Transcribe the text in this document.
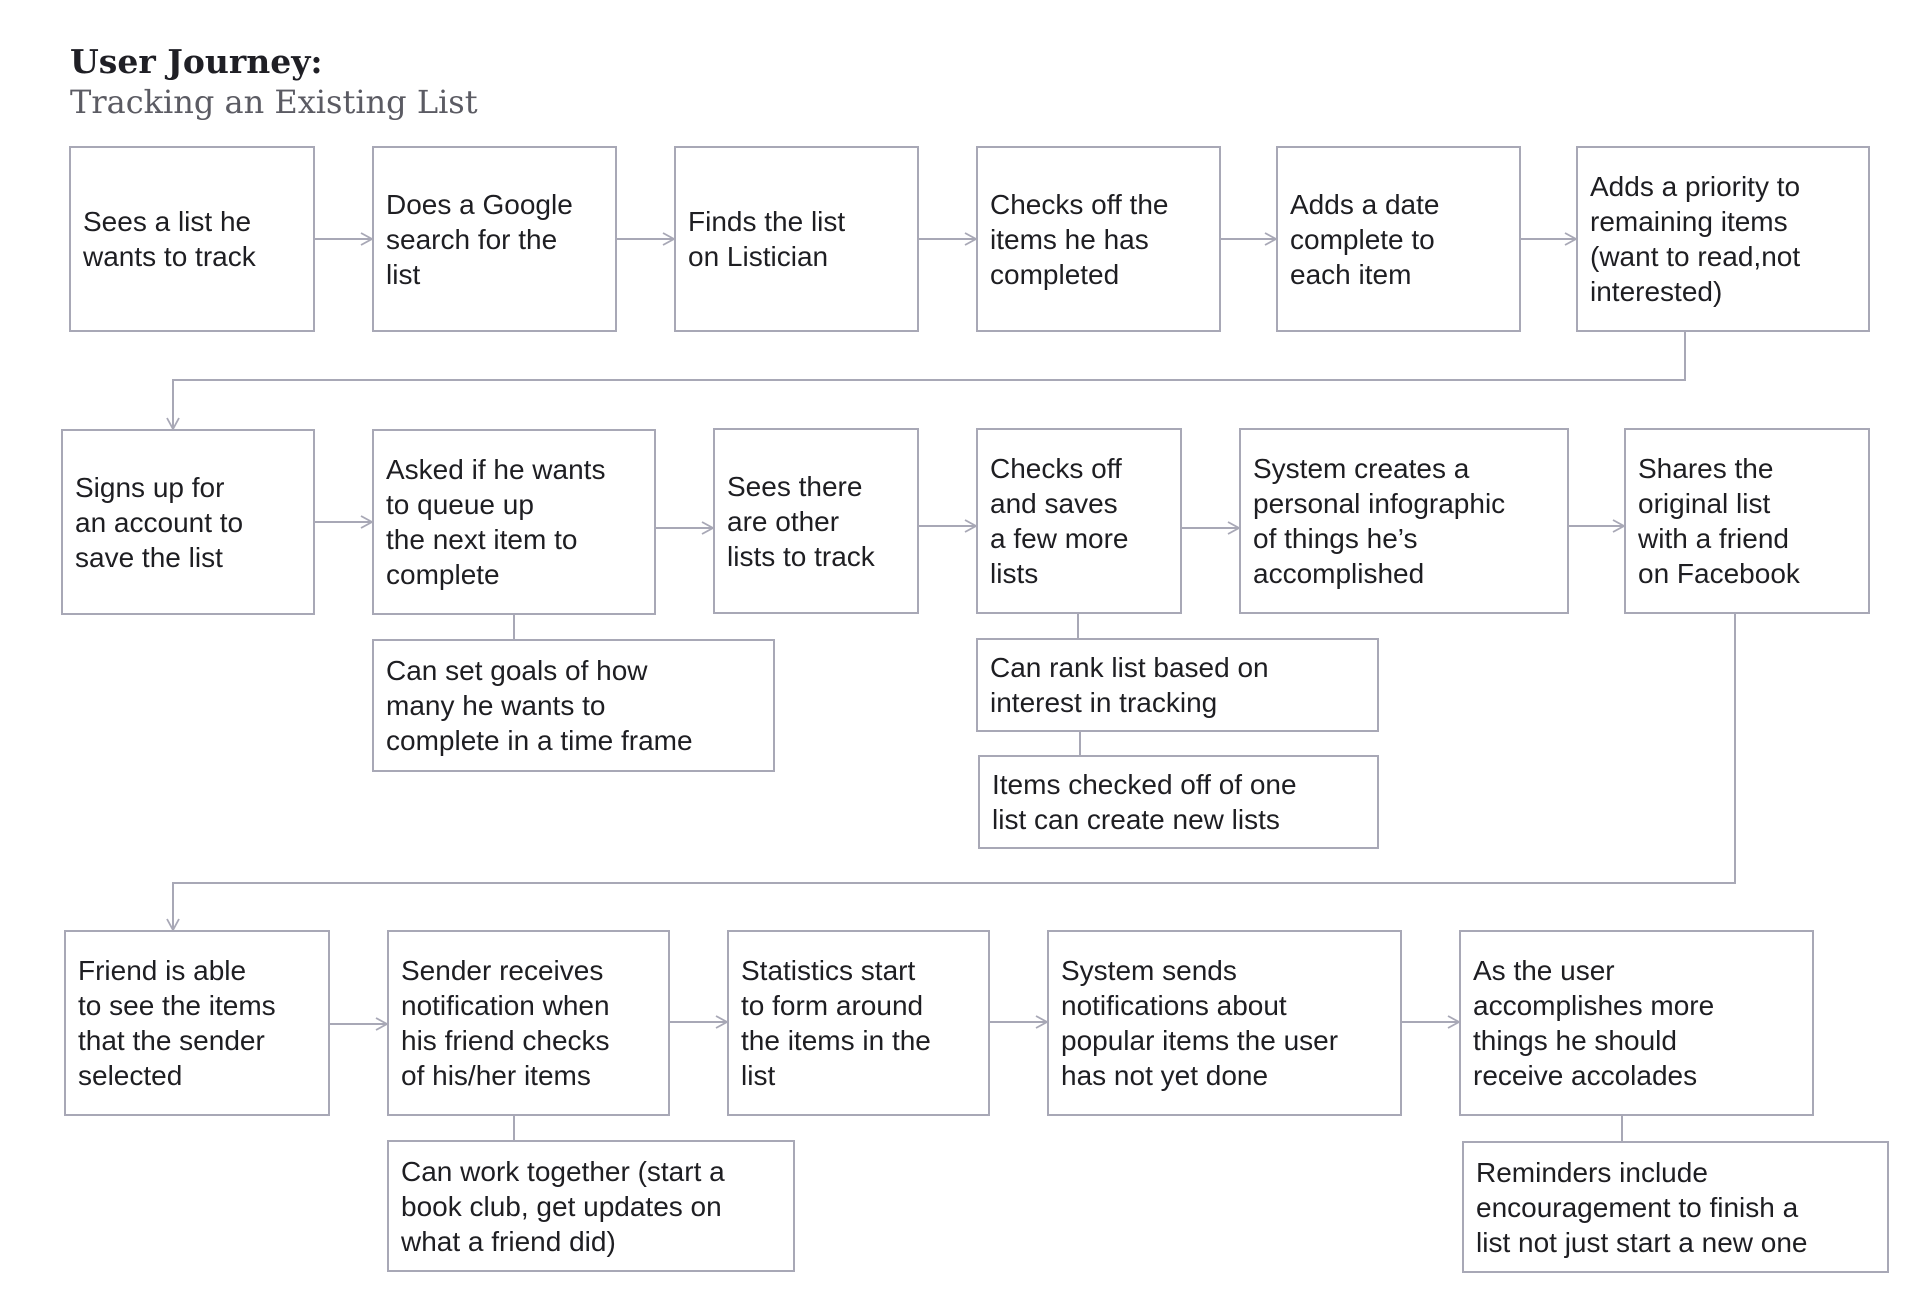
User Journey:
Tracking an Existing List
Sees a list he
wants to track
Does a Google
search for the
list
Finds the list
on Listician
Checks off the
items he has
completed
Adds a date
complete to
each item
Adds a priority to
remaining items
(want to read,not
interested)
Signs up for
an account to
save the list
Asked if he wants
to queue up
the next item to
complete
Sees there
are other
lists to track
Checks off
and saves
a few more
lists
System creates a
personal infographic
of things he’s
accomplished
Shares the
original list
with a friend
on Facebook
Can set goals of how
many he wants to
complete in a time frame
Can rank list based on
interest in tracking
Items checked off of one
list can create new lists
Friend is able
to see the items
that the sender
selected
Sender receives
notification when
his friend checks
of his/her items
Statistics start
to form around
the items in the
list
System sends
notifications about
popular items the user
has not yet done
As the user
accomplishes more
things he should
receive accolades
Can work together (start a
book club, get updates on
what a friend did)
Reminders include
encouragement to finish a
list not just start a new one
